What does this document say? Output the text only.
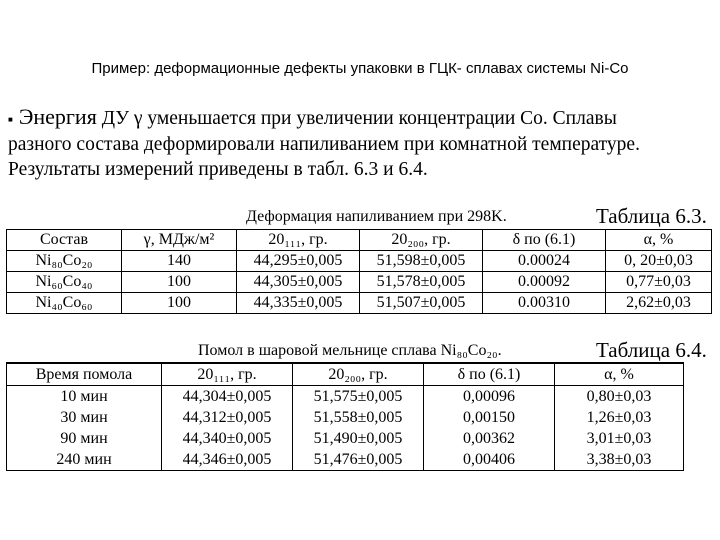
Пример: деформационные дефекты упаковки в ГЦК- сплавах системы Ni-Co
■ Энергия ДУ γ уменьшается при увеличении концентрации Co. Сплавы
разного состава деформировали напиливанием при комнатной температуре.
Результаты измерений приведены в табл. 6.3 и 6.4.
Деформация напиливанием при 298K.	Таблица 6.3.
Состав	γ, МДж/м²	20₁₁₁, гр.	20₂₀₀, гр.	δ по (6.1)	α, %
Ni₈₀Co₂₀	140	44,295±0,005	51,598±0,005	0.00024	0, 20±0,03
Ni₆₀Co₄₀	100	44,305±0,005	51,578±0,005	0.00092	0,77±0,03
Ni₄₀Co₆₀	100	44,335±0,005	51,507±0,005	0.00310	2,62±0,03
Помол в шаровой мельнице сплава Ni₈₀Co₂₀.	Таблица 6.4.
Время помола	20₁₁₁, гр.	20₂₀₀, гр.	δ по (6.1)	α, %
10 мин	44,304±0,005	51,575±0,005	0,00096	0,80±0,03
30 мин	44,312±0,005	51,558±0,005	0,00150	1,26±0,03
90 мин	44,340±0,005	51,490±0,005	0,00362	3,01±0,03
240 мин	44,346±0,005	51,476±0,005	0,00406	3,38±0,03
